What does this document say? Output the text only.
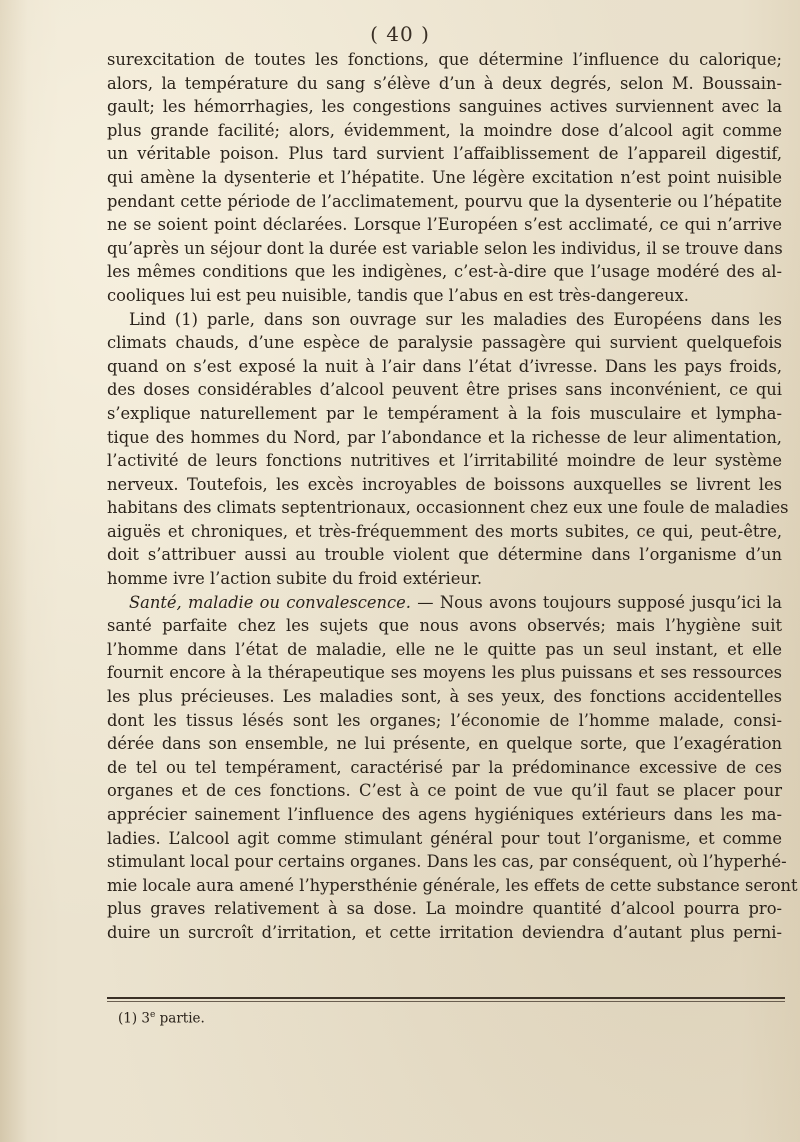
( 40 )
surexcitation de toutes les fonctions, que détermine l’influence du calorique;
alors, la température du sang s’élève d’un à deux degrés, selon M. Boussain-
gault; les hémorrhagies, les congestions sanguines actives surviennent avec la
plus grande facilité; alors, évidemment, la moindre dose d’alcool agit comme
un véritable poison. Plus tard survient l’affaiblissement de l’appareil digestif,
qui amène la dysenterie et l’hépatite. Une légère excitation n’est point nuisible
pendant cette période de l’acclimatement, pourvu que la dysenterie ou l’hépatite
ne se soient point déclarées. Lorsque l’Européen s’est acclimaté, ce qui n’arrive
qu’après un séjour dont la durée est variable selon les individus, il se trouve dans
les mêmes conditions que les indigènes, c’est-à-dire que l’usage modéré des al-
cooliques lui est peu nuisible, tandis que l’abus en est très-dangereux.
Lind (1) parle, dans son ouvrage sur les maladies des Européens dans les
climats chauds, d’une espèce de paralysie passagère qui survient quelquefois
quand on s’est exposé la nuit à l’air dans l’état d’ivresse. Dans les pays froids,
des doses considérables d’alcool peuvent être prises sans inconvénient, ce qui
s’explique naturellement par le tempérament à la fois musculaire et lympha-
tique des hommes du Nord, par l’abondance et la richesse de leur alimentation,
l’activité de leurs fonctions nutritives et l’irritabilité moindre de leur système
nerveux. Toutefois, les excès incroyables de boissons auxquelles se livrent les
habitans des climats septentrionaux, occasionnent chez eux une foule de maladies
aiguës et chroniques, et très-fréquemment des morts subites, ce qui, peut-être,
doit s’attribuer aussi au trouble violent que détermine dans l’organisme d’un
homme ivre l’action subite du froid extérieur.
Santé, maladie ou convalescence. — Nous avons toujours supposé jusqu’ici la
santé parfaite chez les sujets que nous avons observés; mais l’hygiène suit
l’homme dans l’état de maladie, elle ne le quitte pas un seul instant, et elle
fournit encore à la thérapeutique ses moyens les plus puissans et ses ressources
les plus précieuses. Les maladies sont, à ses yeux, des fonctions accidentelles
dont les tissus lésés sont les organes; l’économie de l’homme malade, consi-
dérée dans son ensemble, ne lui présente, en quelque sorte, que l’exagération
de tel ou tel tempérament, caractérisé par la prédominance excessive de ces
organes et de ces fonctions. C’est à ce point de vue qu’il faut se placer pour
apprécier sainement l’influence des agens hygiéniques extérieurs dans les ma-
ladies. L’alcool agit comme stimulant général pour tout l’organisme, et comme
stimulant local pour certains organes. Dans les cas, par conséquent, où l’hyperhé-
mie locale aura amené l’hypersthénie générale, les effets de cette substance seront
plus graves relativement à sa dose. La moindre quantité d’alcool pourra pro-
duire un surcroît d’irritation, et cette irritation deviendra d’autant plus perni-
(1) 3e partie.
